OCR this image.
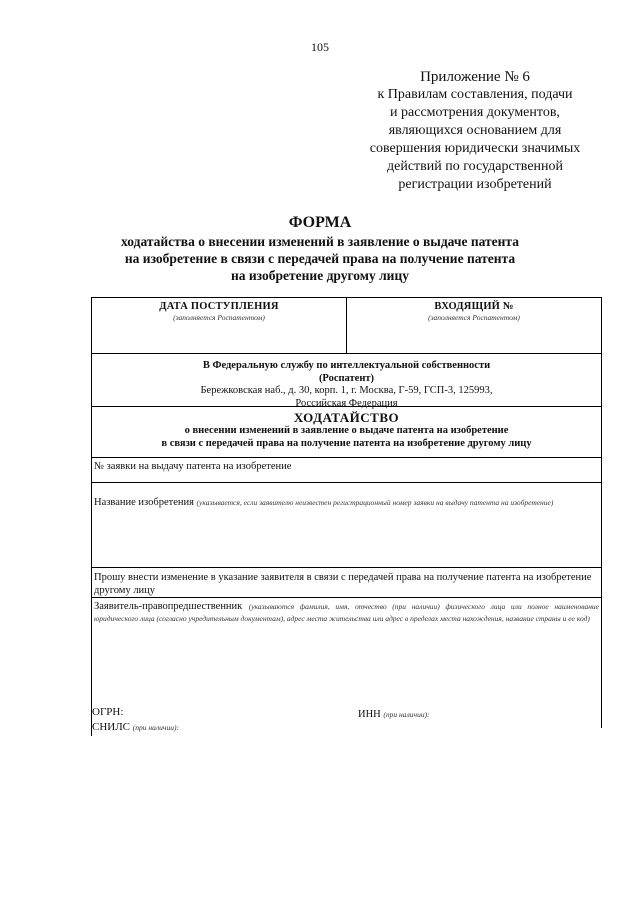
105
Приложение № 6
к Правилам составления, подачи
и рассмотрения документов,
являющихся основанием для
совершения юридически значимых
действий по государственной
регистрации изобретений
ФОРМА
ходатайства о внесении изменений в заявление о выдаче патента
на изобретение в связи с передачей права на получение патента
на изобретение другому лицу
ДАТА ПОСТУПЛЕНИЯ
(заполняется Роспатентом)
ВХОДЯЩИЙ №
(заполняется Роспатентом)
В Федеральную службу по интеллектуальной собственности
(Роспатент)
Бережковская наб., д. 30, корп. 1, г. Москва, Г-59, ГСП-3, 125993,
Российская Федерация
ХОДАТАЙСТВО
о внесении изменений в заявление о выдаче патента на изобретение
в связи с передачей права на получение патента на изобретение другому лицу
№ заявки на выдачу патента на изобретение
Название изобретения (указывается, если заявителю неизвестен регистрационный номер заявки на выдачу патента на изобретение)
Прошу внести изменение в указание заявителя в связи с передачей права на получение патента на изобретение другому лицу
Заявитель-правопредшественник (указываются фамилия, имя, отчество (при наличии) физического лица или полное наименование юридического лица (согласно учредительным документам), адрес места жительства или адрес в пределах места нахождения, название страны и ее код)
ОГРН:	ИНН (при наличии):
СНИЛС (при наличии):
